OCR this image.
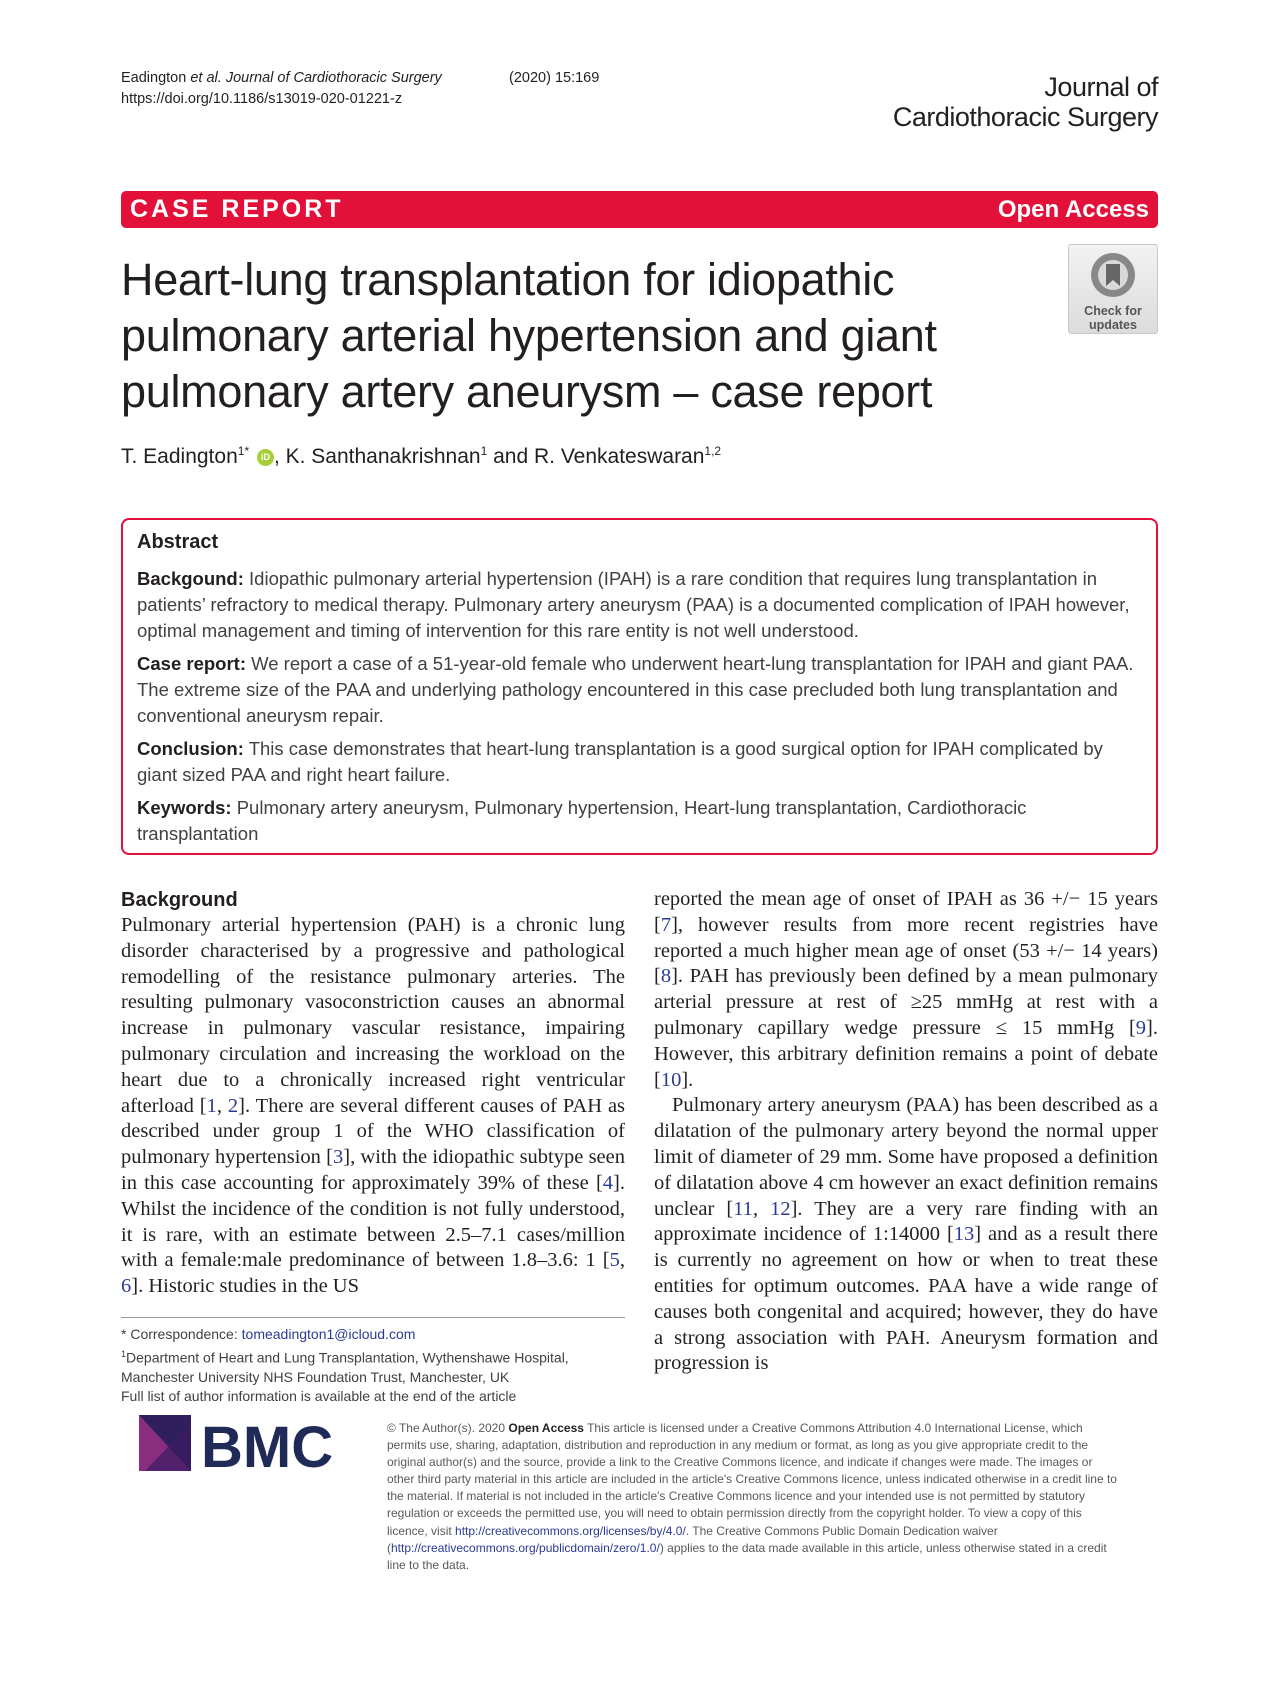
Eadington et al. Journal of Cardiothoracic Surgery	(2020) 15:169
https://doi.org/10.1186/s13019-020-01221-z	Journal of
Cardiothoracic Surgery
CASE REPORT	Open Access
Heart-lung transplantation for idiopathic pulmonary arterial hypertension and giant pulmonary artery aneurysm – case report
Check for
updates
T. Eadington$^{1*}$ iD , K. Santhanakrishnan$^1$ and R. Venkateswaran$^{1,2}$
Abstract

Backgound: Idiopathic pulmonary arterial hypertension (IPAH) is a rare condition that requires lung transplantation in patients’ refractory to medical therapy. Pulmonary artery aneurysm (PAA) is a documented complication of IPAH however, optimal management and timing of intervention for this rare entity is not well understood.

Case report: We report a case of a 51-year-old female who underwent heart-lung transplantation for IPAH and giant PAA. The extreme size of the PAA and underlying pathology encountered in this case precluded both lung transplantation and conventional aneurysm repair.

Conclusion: This case demonstrates that heart-lung transplantation is a good surgical option for IPAH complicated by giant sized PAA and right heart failure.

Keywords: Pulmonary artery aneurysm, Pulmonary hypertension, Heart-lung transplantation, Cardiothoracic transplantation

Background

Pulmonary arterial hypertension (PAH) is a chronic lung disorder characterised by a progressive and pathological remodelling of the resistance pulmonary arteries. The resulting pulmonary vasoconstriction causes an abnormal increase in pulmonary vascular resistance, impairing pulmonary circulation and increasing the workload on the heart due to a chronically increased right ventricular afterload [1, 2]. There are several different causes of PAH as described under group 1 of the WHO classification of pulmonary hypertension [3], with the idiopathic subtype seen in this case accounting for approximately 39% of these [4]. Whilst the incidence of the condition is not fully understood, it is rare, with an estimate between 2.5–7.1 cases/million with a female:male predominance of between 1.8–3.6: 1 [5, 6]. Historic studies in the US

reported the mean age of onset of IPAH as 36 +/− 15 years [7], however results from more recent registries have reported a much higher mean age of onset (53 +/− 14 years) [8]. PAH has previously been defined by a mean pulmonary arterial pressure at rest of ≥25 mmHg at rest with a pulmonary capillary wedge pressure ≤ 15 mmHg [9]. However, this arbitrary definition remains a point of debate [10].

Pulmonary artery aneurysm (PAA) has been described as a dilatation of the pulmonary artery beyond the normal upper limit of diameter of 29 mm. Some have proposed a definition of dilatation above 4 cm however an exact definition remains unclear [11, 12]. They are a very rare finding with an approximate incidence of 1:14000 [13] and as a result there is currently no agreement on how or when to treat these entities for optimum outcomes. PAA have a wide range of causes both congenital and acquired; however, they do have a strong association with PAH. Aneurysm formation and progression is

* Correspondence: tomeadington1@icloud.com
$^1$Department of Heart and Lung Transplantation, Wythenshawe Hospital, Manchester University NHS Foundation Trust, Manchester, UK
Full list of author information is available at the end of the article
BMC	© The Author(s). 2020 Open Access This article is licensed under a Creative Commons Attribution 4.0 International License, which permits use, sharing, adaptation, distribution and reproduction in any medium or format, as long as you give appropriate credit to the original author(s) and the source, provide a link to the Creative Commons licence, and indicate if changes were made. The images or other third party material in this article are included in the article's Creative Commons licence, unless indicated otherwise in a credit line to the material. If material is not included in the article's Creative Commons licence and your intended use is not permitted by statutory regulation or exceeds the permitted use, you will need to obtain permission directly from the copyright holder. To view a copy of this licence, visit http://creativecommons.org/licenses/by/4.0/. The Creative Commons Public Domain Dedication waiver (http://creativecommons.org/publicdomain/zero/1.0/) applies to the data made available in this article, unless otherwise stated in a credit line to the data.
